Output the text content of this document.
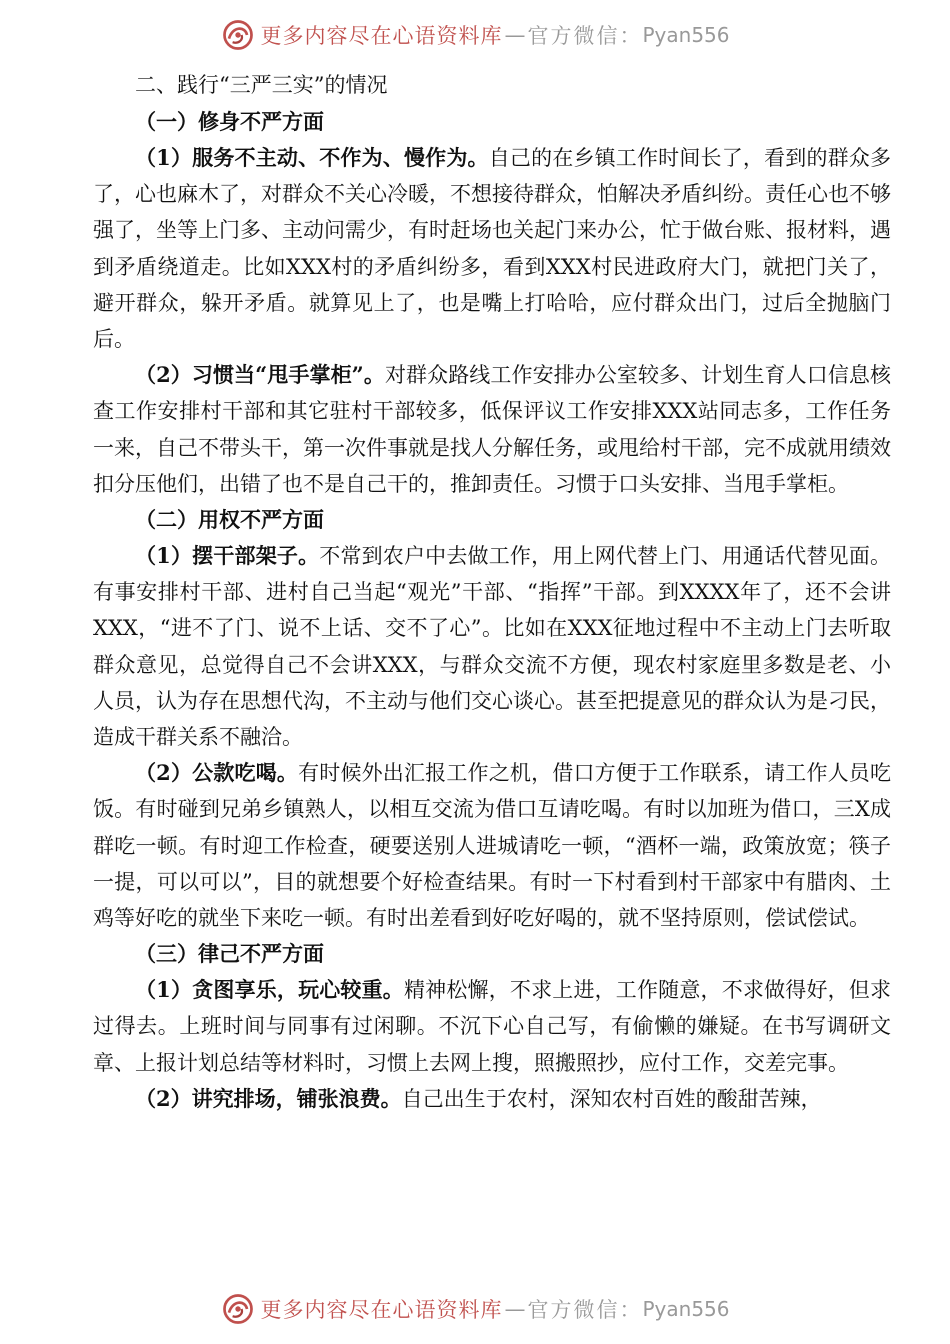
更多内容尽在心语资料库 — 官方微信： Pyan556
二、践行“三严三实”的情况
（一）修身不严方面

（1）服务不主动、不作为、慢作为。自己的在乡镇工作时间长了，看到的群众多了，心也麻木了，对群众不关心冷暖，不想接待群众，怕解决矛盾纠纷。责任心也不够强了，坐等上门多、主动问需少，有时赶场也关起门来办公，忙于做台账、报材料，遇到矛盾绕道走。比如XXX村的矛盾纠纷多，看到XXX村民进政府大门，就把门关了，避开群众，躲开矛盾。就算见上了，也是嘴上打哈哈，应付群众出门，过后全抛脑门后。

（2）习惯当“甩手掌柜”。对群众路线工作安排办公室较多、计划生育人口信息核查工作安排村干部和其它驻村干部较多，低保评议工作安排XXX站同志多，工作任务一来，自己不带头干，第一次件事就是找人分解任务，或甩给村干部，完不成就用绩效扣分压他们，出错了也不是自己干的，推卸责任。习惯于口头安排、当甩手掌柜。

（二）用权不严方面

（1）摆干部架子。不常到农户中去做工作，用上网代替上门、用通话代替见面。有事安排村干部、进村自己当起“观光”干部、“指挥”干部。到XXXX年了，还不会讲XXX，“进不了门、说不上话、交不了心”。比如在XXX征地过程中不主动上门去听取群众意见，总觉得自己不会讲XXX，与群众交流不方便，现农村家庭里多数是老、小人员，认为存在思想代沟，不主动与他们交心谈心。甚至把提意见的群众认为是刁民，造成干群关系不融洽。

（2）公款吃喝。有时候外出汇报工作之机，借口方便于工作联系，请工作人员吃饭。有时碰到兄弟乡镇熟人，以相互交流为借口互请吃喝。有时以加班为借口，三X成群吃一顿。有时迎工作检查，硬要送别人进城请吃一顿，“酒杯一端，政策放宽；筷子一提，可以可以”，目的就想要个好检查结果。有时一下村看到村干部家中有腊肉、土鸡等好吃的就坐下来吃一顿。有时出差看到好吃好喝的，就不坚持原则，偿试偿试。

（三）律己不严方面

（1）贪图享乐，玩心较重。精神松懈，不求上进，工作随意，不求做得好，但求过得去。上班时间与同事有过闲聊。不沉下心自己写，有偷懒的嫌疑。在书写调研文章、上报计划总结等材料时，习惯上去网上搜，照搬照抄，应付工作，交差完事。

（2）讲究排场，铺张浪费。自己出生于农村，深知农村百姓的酸甜苦辣，

更多内容尽在心语资料库 — 官方微信： Pyan556
